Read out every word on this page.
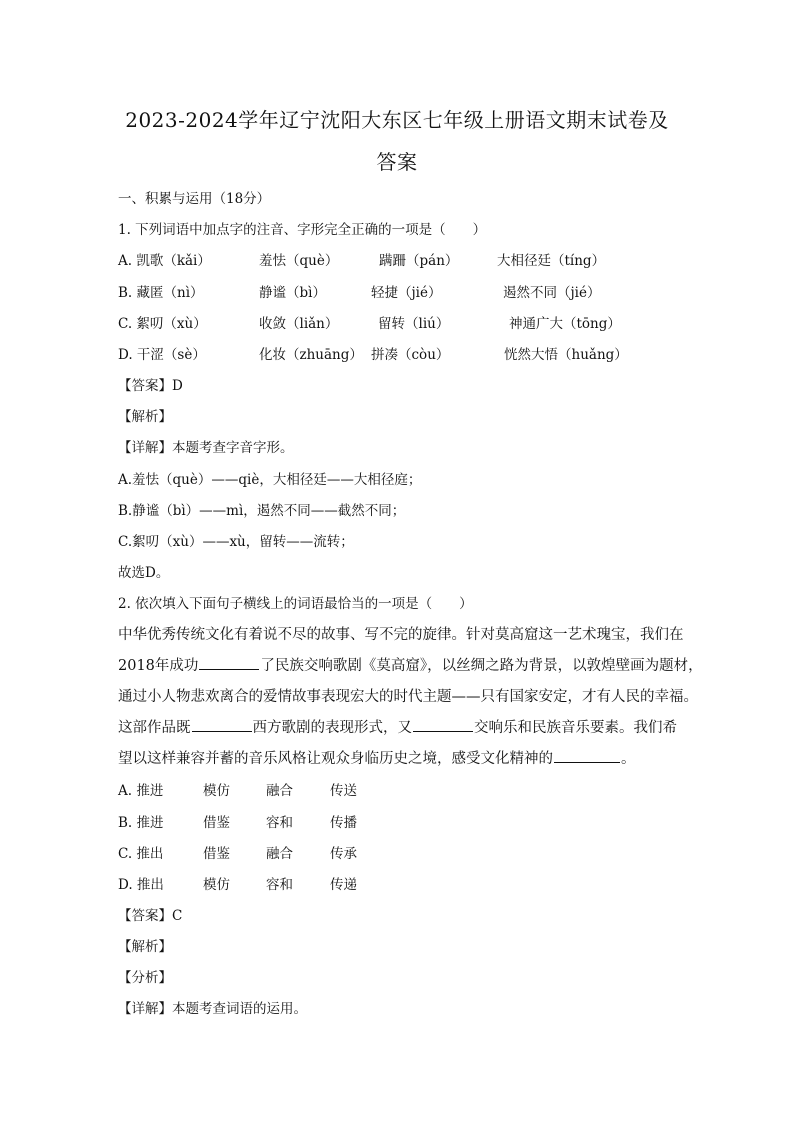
2023-2024学年辽宁沈阳大东区七年级上册语文期末试卷及
答案
一、积累与运用（18分）
1. 下列词语中加点字的注音、字形完全正确的一项是（　　）
A. 凯歌（kǎi）	羞怯（què）	蹒跚（pán）	大相径廷（tíng）
B. 藏匿（nì）	静谧（bì）	轻捷（jié）	遏然不同（jié）
C. 絮叨（xù）	收敛（liǎn）	留转（liú）	神通广大（tōng）
D. 干涩（sè）	化妆（zhuāng） 拼凑（còu）	恍然大悟（huǎng）
【答案】D
【解析】
【详解】本题考查字音字形。
A.羞怯（què）——qiè，大相径廷——大相径庭；
B.静谧（bì）——mì，遏然不同——截然不同；
C.絮叨（xù）——xù，留转——流转；
故选D。
2. 依次填入下面句子横线上的词语最恰当的一项是（　　）
中华优秀传统文化有着说不尽的故事、写不完的旋律。针对莫高窟这一艺术瑰宝，我们在
2018年成功	了民族交响歌剧《莫高窟》，以丝绸之路为背景，以敦煌壁画为题材，
通过小人物悲欢离合的爱情故事表现宏大的时代主题——只有国家安定，才有人民的幸福。
这部作品既	西方歌剧的表现形式，又	交响乐和民族音乐要素。我们希
望以这样兼容并蓄的音乐风格让观众身临历史之境，感受文化精神的	。
A. 推进	模仿	融合	传送
B. 推进	借鉴	容和	传播
C. 推出	借鉴	融合	传承
D. 推出	模仿	容和	传递
【答案】C
【解析】
【分析】
【详解】本题考查词语的运用。
